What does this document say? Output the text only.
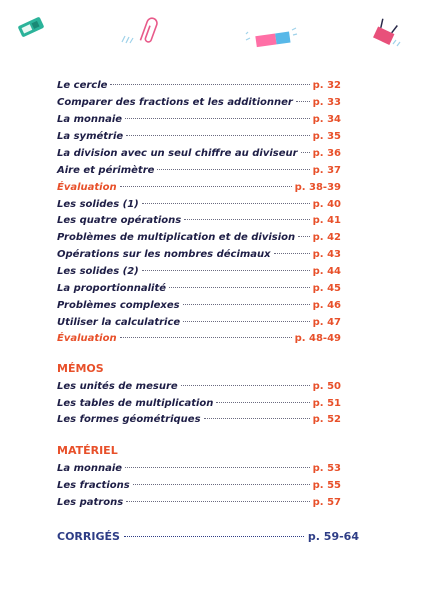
Le cercle	p. 32
Comparer des fractions et les additionner p. 33
La monnaie	p. 34
La symétrie	p. 35
La division avec un seul chiffre au diviseur p. 36
Aire et périmètre	p. 37
Évaluation	p. 38-39
Les solides (1)	p. 40
Les quatre opérations	p. 41
Problèmes de multiplication et de division p. 42
Opérations sur les nombres décimaux	p. 43
Les solides (2)	p. 44
La proportionnalité	p. 45
Problèmes complexes	p. 46
Utiliser la calculatrice	p. 47
Évaluation	p. 48-49
MÉMOS
Les unités de mesure	p. 50
Les tables de multiplication	p. 51
Les formes géométriques	p. 52
MATÉRIEL
La monnaie	p. 53
Les fractions	p. 55
Les patrons	p. 57
CORRIGÉS	p. 59-64
